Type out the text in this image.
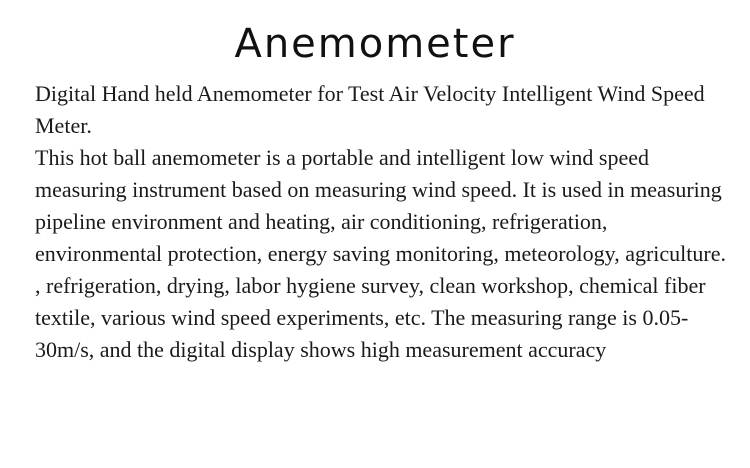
Anemometer

Digital Hand held Anemometer for Test Air Velocity Intelligent Wind Speed Meter.

This hot ball anemometer is a portable and intelligent low wind speed measuring instrument based on measuring wind speed. It is used in measuring pipeline environment and heating, air conditioning, refrigeration, environmental protection, energy saving monitoring, meteorology, agriculture. , refrigeration, drying, labor hygiene survey, clean workshop, chemical fiber textile, various wind speed experiments, etc. The measuring range is 0.05-30m/s, and the digital display shows high measurement accuracy
